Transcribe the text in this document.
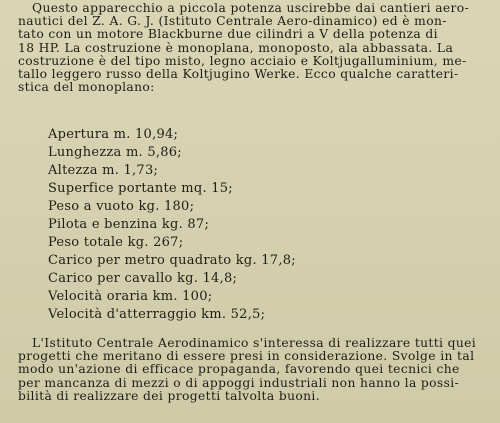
Questo apparecchio a piccola potenza uscirebbe dai cantieri aero-
nautici del Z. A. G. J. (Istituto Centrale Aero-dinamico) ed è mon-
tato con un motore Blackburne due cilindri a V della potenza di
18 HP. La costruzione è monoplana, monoposto, ala abbassata. La
costruzione è del tipo misto, legno acciaio e Koltjugalluminium, me-
tallo leggero russo della Koltjugino Werke. Ecco qualche caratteri-
stica del monoplano:

Apertura m. 10,94;
Lunghezza m. 5,86;
Altezza m. 1,73;
Superfice portante mq. 15;
Peso a vuoto kg. 180;
Pilota e benzina kg. 87;
Peso totale kg. 267;
Carico per metro quadrato kg. 17,8;
Carico per cavallo kg. 14,8;
Velocità oraria km. 100;
Velocità d'atterraggio km. 52,5;

L'Istituto Centrale Aerodinamico s'interessa di realizzare tutti quei
progetti che meritano di essere presi in considerazione. Svolge in tal
modo un'azione di efficace propaganda, favorendo quei tecnici che
per mancanza di mezzi o di appoggi industriali non hanno la possi-
bilità di realizzare dei progetti talvolta buoni.
